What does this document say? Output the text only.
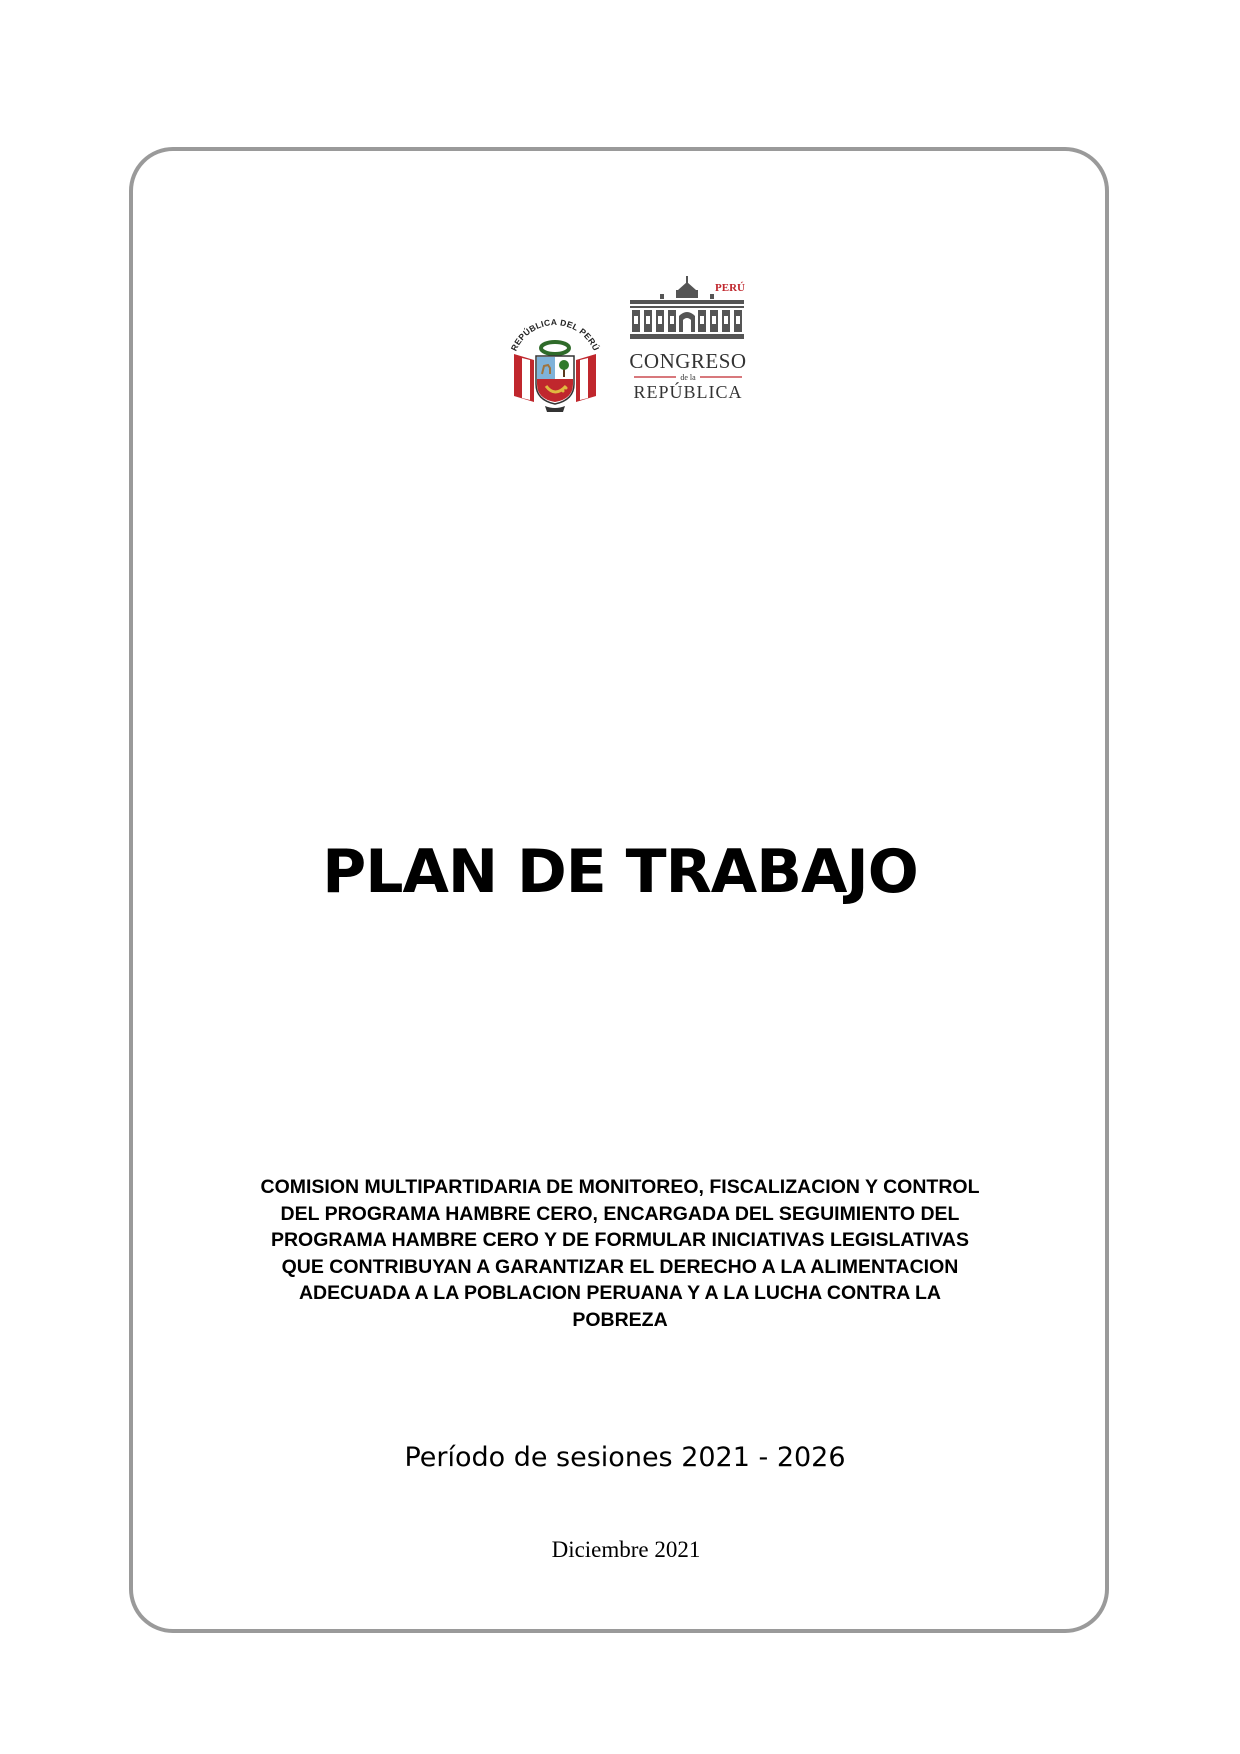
REPÚBLICA DEL PERÚ
PERÚ
CONGRESO
de la
REPÚBLICA
PLAN DE TRABAJO
COMISION MULTIPARTIDARIA DE MONITOREO, FISCALIZACION Y CONTROL
DEL PROGRAMA HAMBRE CERO, ENCARGADA DEL SEGUIMIENTO DEL
PROGRAMA HAMBRE CERO Y DE FORMULAR INICIATIVAS LEGISLATIVAS
QUE CONTRIBUYAN A GARANTIZAR EL DERECHO A LA ALIMENTACION
ADECUADA A LA POBLACION PERUANA Y A LA LUCHA CONTRA LA
POBREZA
Período de sesiones 2021 - 2026
Diciembre 2021
